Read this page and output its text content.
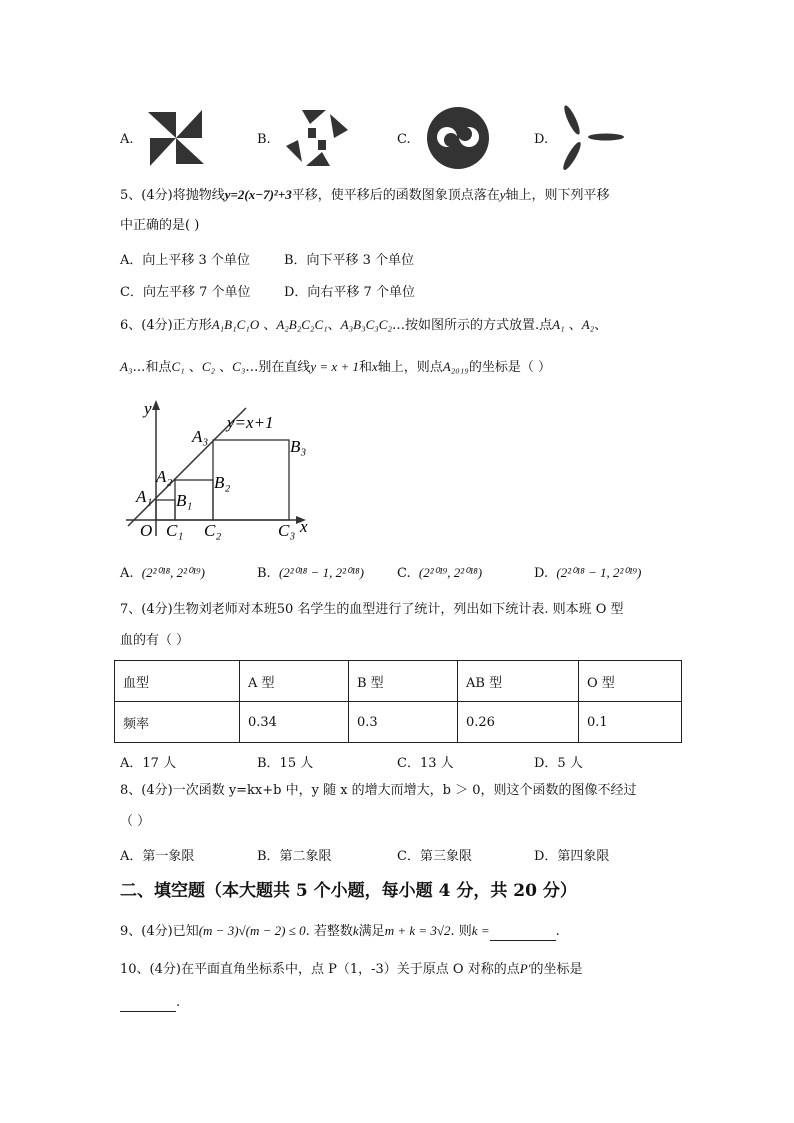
A.	B.	C.	D.
5、(4分)将抛物线y=2(x−7)²+3平移，使平移后的函数图象顶点落在y轴上，则下列平移
中正确的是( )
A．向上平移 3 个单位	B．向下平移 3 个单位
C．向左平移 7 个单位	D．向右平移 7 个单位
6、(4分)正方形A₁B₁C₁O 、A₂B₂C₂C₁、A₃B₃C₃C₂…按如图所示的方式放置.点A₁ 、A₂、
A₃…和点C₁ 、C₂ 、C₃…别在直线y = x + 1和x轴上，则点A₂₀₁₉的坐标是（ ）
y
x
y=x+1
O
A₁
A₂
A₃
B₁
B₂
B₃
C₁ C₂	C₃
A. (2²⁰¹⁸, 2²⁰¹⁹)	B. (2²⁰¹⁸ − 1, 2²⁰¹⁸)	C. (2²⁰¹⁹, 2²⁰¹⁸)	D. (2²⁰¹⁸ − 1, 2²⁰¹⁹)
7、(4分)生物刘老师对本班50 名学生的血型进行了统计，列出如下统计表. 则本班 O 型
血的有（ ）
血型	A 型	B 型	AB 型	O 型
频率	0.34	0.3	0.26	0.1
A．17 人	B．15 人	C．13 人	D．5 人
8、(4分)一次函数 y=kx+b 中，y 随 x 的增大而增大，b ＞ 0，则这个函数的图像不经过
（ ）
A．第一象限	B．第二象限	C．第三象限	D．第四象限
二、填空题（本大题共 5 个小题，每小题 4 分，共 20 分）
9、(4分)已知(m − 3)√(m − 2) ≤ 0. 若整数k满足m + k = 3√2. 则k =	.
10、(4分)在平面直角坐标系中，点 P（1，-3）关于原点 O 对称的点P′的坐标是
.
